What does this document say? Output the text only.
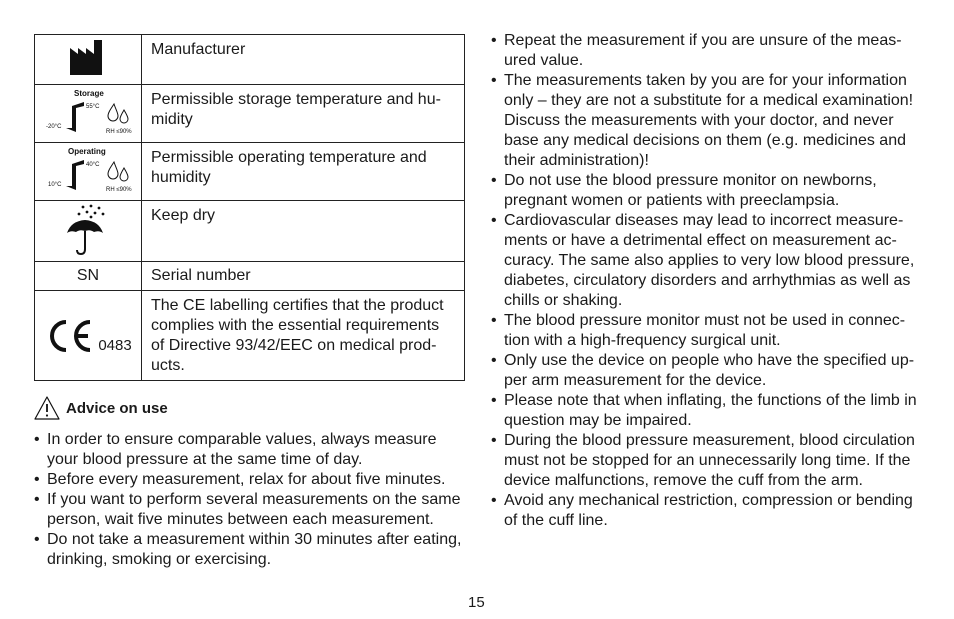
	Manufacturer

Storage
55°C
-20°C
RH ≤90%	Permissible storage temperature and hu-midity

Operating
40°C
10°C
RH ≤90%	Permissible operating temperature and humidity
	Keep dry
SN	Serial number

0483	The CE labelling certifies that the product complies with the essential requirements of Directive 93/42/EEC on medical prod-ucts.
Advice on use
• In order to ensure comparable values, always measure your blood pressure at the same time of day.
• Before every measurement, relax for about five minutes.
• If you want to perform several measurements on the same person, wait five minutes between each measurement.
• Do not take a measurement within 30 minutes after eating, drinking, smoking or exercising.
• Repeat the measurement if you are unsure of the meas-ured value.
• The measurements taken by you are for your information only – they are not a substitute for a medical examination! Discuss the measurements with your doctor, and never base any medical decisions on them (e.g. medicines and their administration)!
• Do not use the blood pressure monitor on newborns, pregnant women or patients with preeclampsia.
• Cardiovascular diseases may lead to incorrect measure-ments or have a detrimental effect on measurement ac-curacy. The same also applies to very low blood pressure, diabetes, circulatory disorders and arrhythmias as well as chills or shaking.
• The blood pressure monitor must not be used in connec-tion with a high-frequency surgical unit.
• Only use the device on people who have the specified up-per arm measurement for the device.
• Please note that when inflating, the functions of the limb in question may be impaired.
• During the blood pressure measurement, blood circulation must not be stopped for an unnecessarily long time. If the device malfunctions, remove the cuff from the arm.
• Avoid any mechanical restriction, compression or bending of the cuff line.
15
